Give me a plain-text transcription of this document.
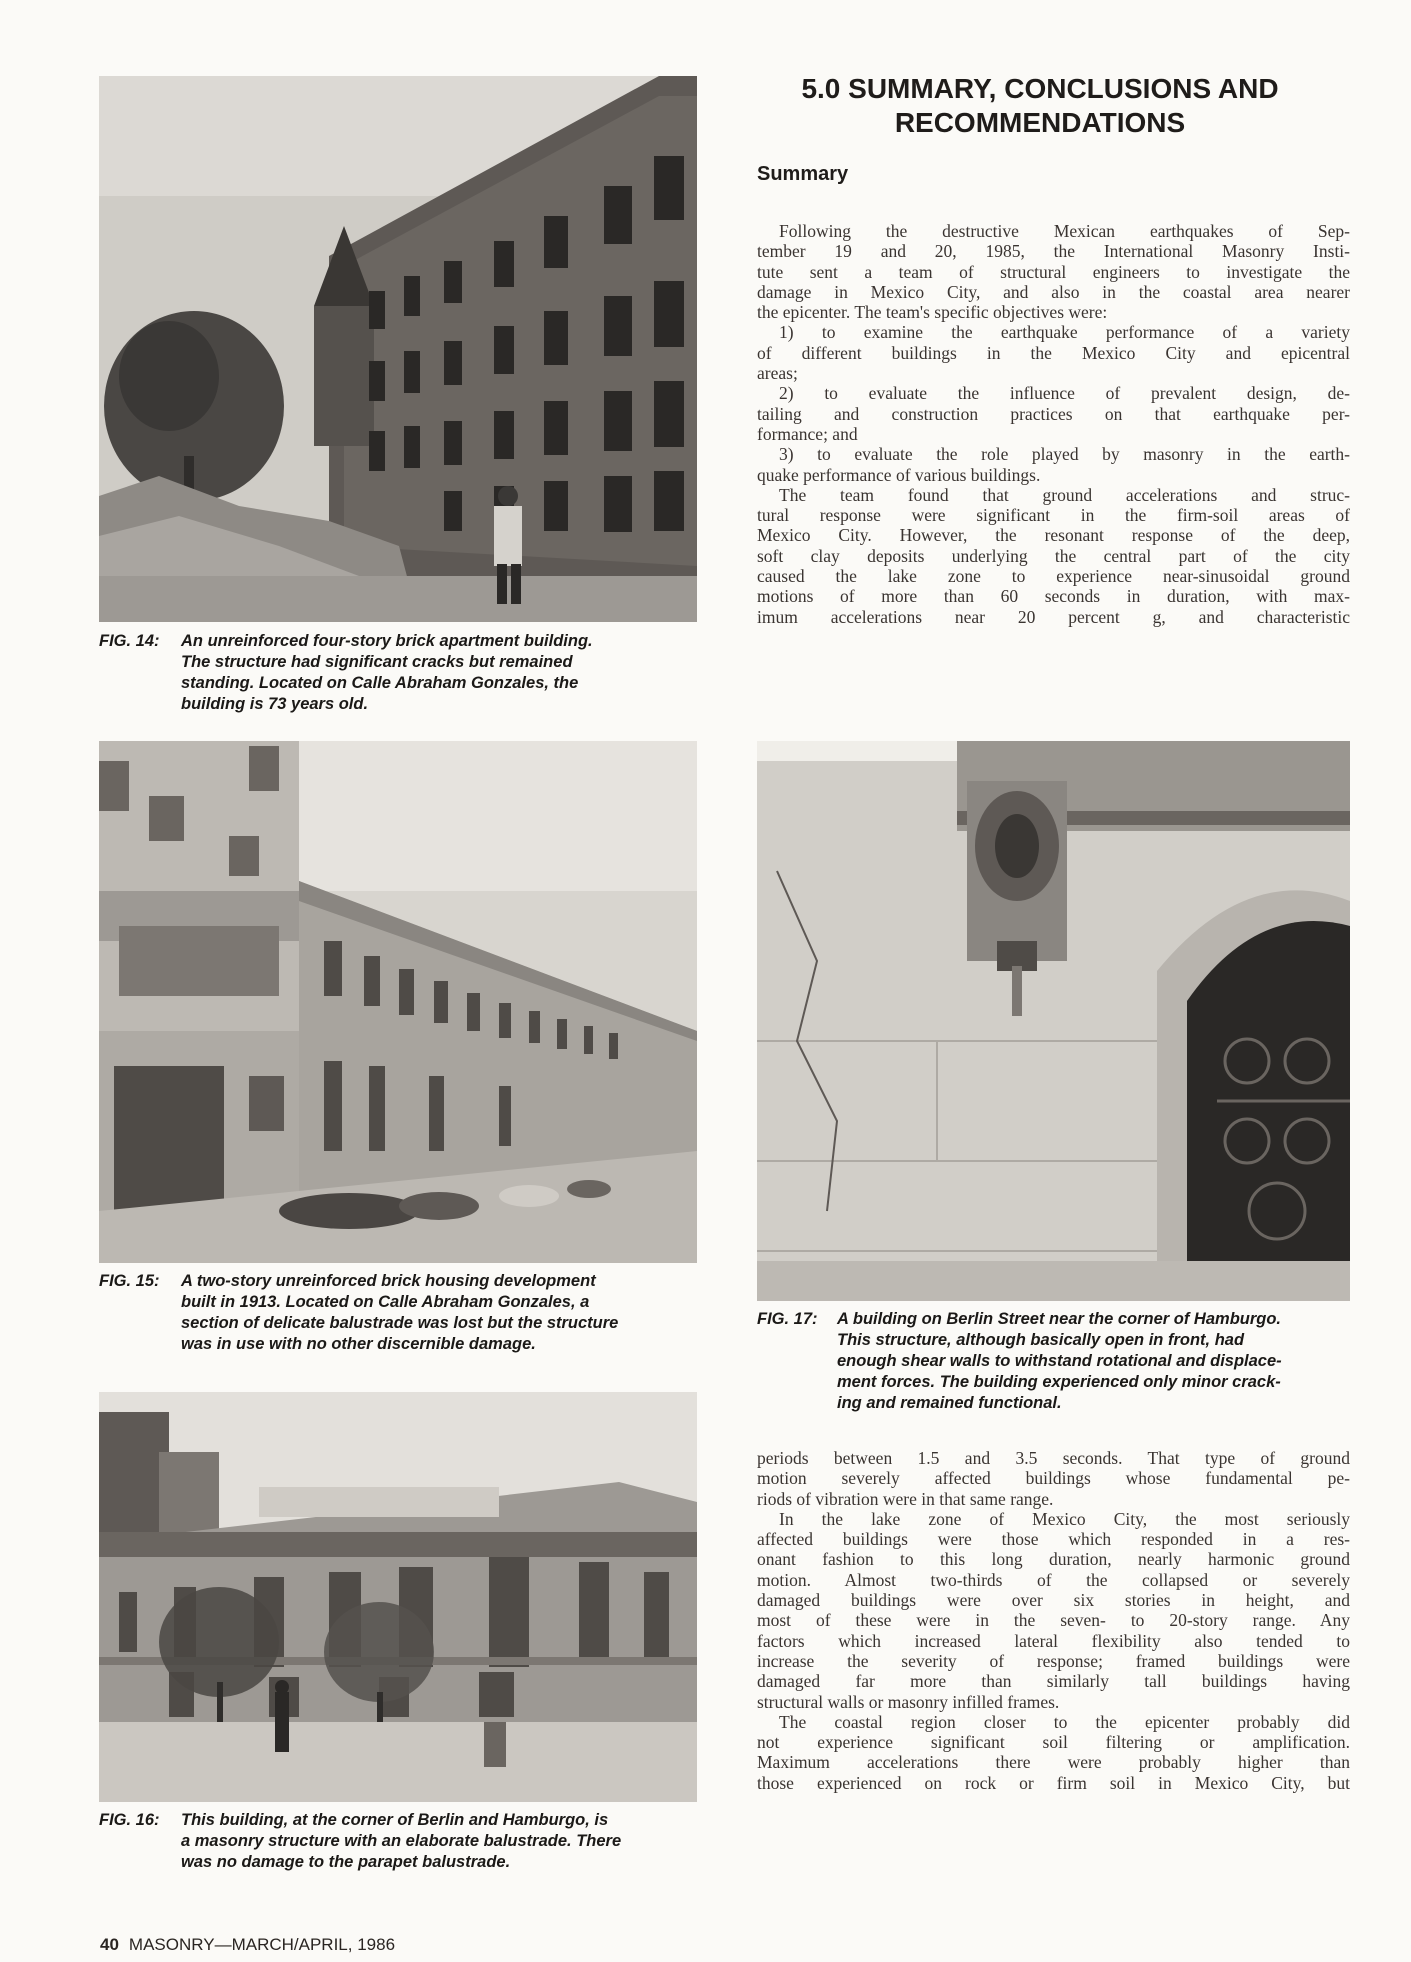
FIG. 14: An unreinforced four-story brick apartment building.
The structure had significant cracks but remained
standing. Located on Calle Abraham Gonzales, the
building is 73 years old.

FIG. 15: A two-story unreinforced brick housing development
built in 1913. Located on Calle Abraham Gonzales, a
section of delicate balustrade was lost but the structure
was in use with no other discernible damage.

FIG. 16: This building, at the corner of Berlin and Hamburgo, is
a masonry structure with an elaborate balustrade. There
was no damage to the parapet balustrade.

FIG. 17: A building on Berlin Street near the corner of Hamburgo.
This structure, although basically open in front, had
enough shear walls to withstand rotational and displace-
ment forces. The building experienced only minor crack-
ing and remained functional.

5.0 SUMMARY, CONCLUSIONS AND
RECOMMENDATIONS
Summary
Following the destructive Mexican earthquakes of Sep-
tember 19 and 20, 1985, the International Masonry Insti-
tute sent a team of structural engineers to investigate the
damage in Mexico City, and also in the coastal area nearer
the epicenter. The team's specific objectives were:
1) to examine the earthquake performance of a variety
of different buildings in the Mexico City and epicentral
areas;
2) to evaluate the influence of prevalent design, de-
tailing and construction practices on that earthquake per-
formance; and
3) to evaluate the role played by masonry in the earth-
quake performance of various buildings.
The team found that ground accelerations and struc-
tural response were significant in the firm-soil areas of
Mexico City. However, the resonant response of the deep,
soft clay deposits underlying the central part of the city
caused the lake zone to experience near-sinusoidal ground
motions of more than 60 seconds in duration, with max-
imum accelerations near 20 percent g, and characteristic
periods between 1.5 and 3.5 seconds. That type of ground
motion severely affected buildings whose fundamental pe-
riods of vibration were in that same range.
In the lake zone of Mexico City, the most seriously
affected buildings were those which responded in a res-
onant fashion to this long duration, nearly harmonic ground
motion. Almost two-thirds of the collapsed or severely
damaged buildings were over six stories in height, and
most of these were in the seven- to 20-story range. Any
factors which increased lateral flexibility also tended to
increase the severity of response; framed buildings were
damaged far more than similarly tall buildings having
structural walls or masonry infilled frames.
The coastal region closer to the epicenter probably did
not experience significant soil filtering or amplification.
Maximum accelerations there were probably higher than
those experienced on rock or firm soil in Mexico City, but
40 MASONRY—MARCH/APRIL, 1986
